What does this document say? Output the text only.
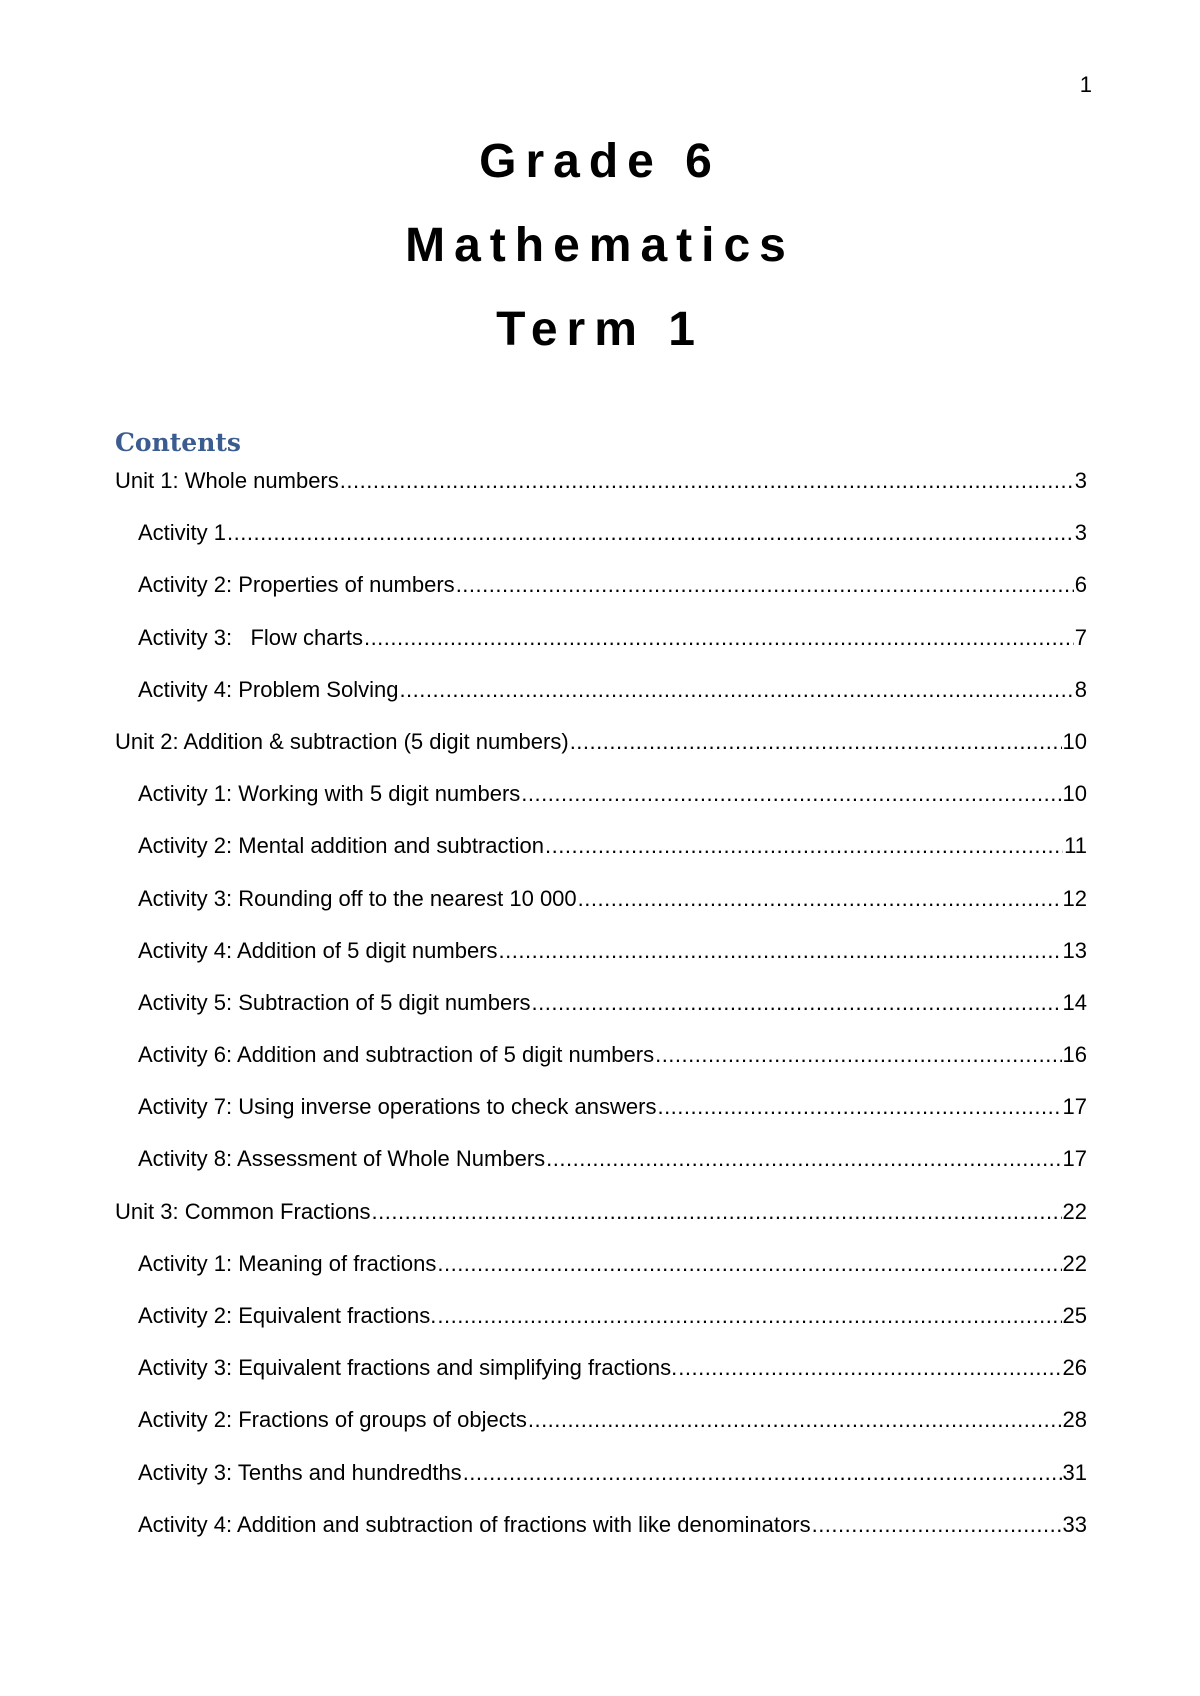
1
Grade 6
Mathematics
Term 1
Contents
Unit 1: Whole numbers .....	3
Activity 1 .....	3
Activity 2: Properties of numbers .....	6
Activity 3:   Flow charts .....	7
Activity 4: Problem Solving .....	8
Unit 2: Addition & subtraction (5 digit numbers) .....	10
Activity 1: Working with 5 digit numbers .....	10
Activity 2: Mental addition and subtraction .....	11
Activity 3: Rounding off to the nearest 10 000 .....	12
Activity 4: Addition of 5 digit numbers .....	13
Activity 5: Subtraction of 5 digit numbers .....	14
Activity 6: Addition and subtraction of 5 digit numbers .....	16
Activity 7: Using inverse operations to check answers .....	17
Activity 8: Assessment of Whole Numbers .....	17
Unit 3: Common Fractions .....	22
Activity 1: Meaning of fractions .....	22
Activity 2: Equivalent fractions. .....	25
Activity 3: Equivalent fractions and simplifying fractions. .....	26
Activity 2: Fractions of groups of objects .....	28
Activity 3: Tenths and hundredths .....	31
Activity 4: Addition and subtraction of fractions with like denominators .....	33
